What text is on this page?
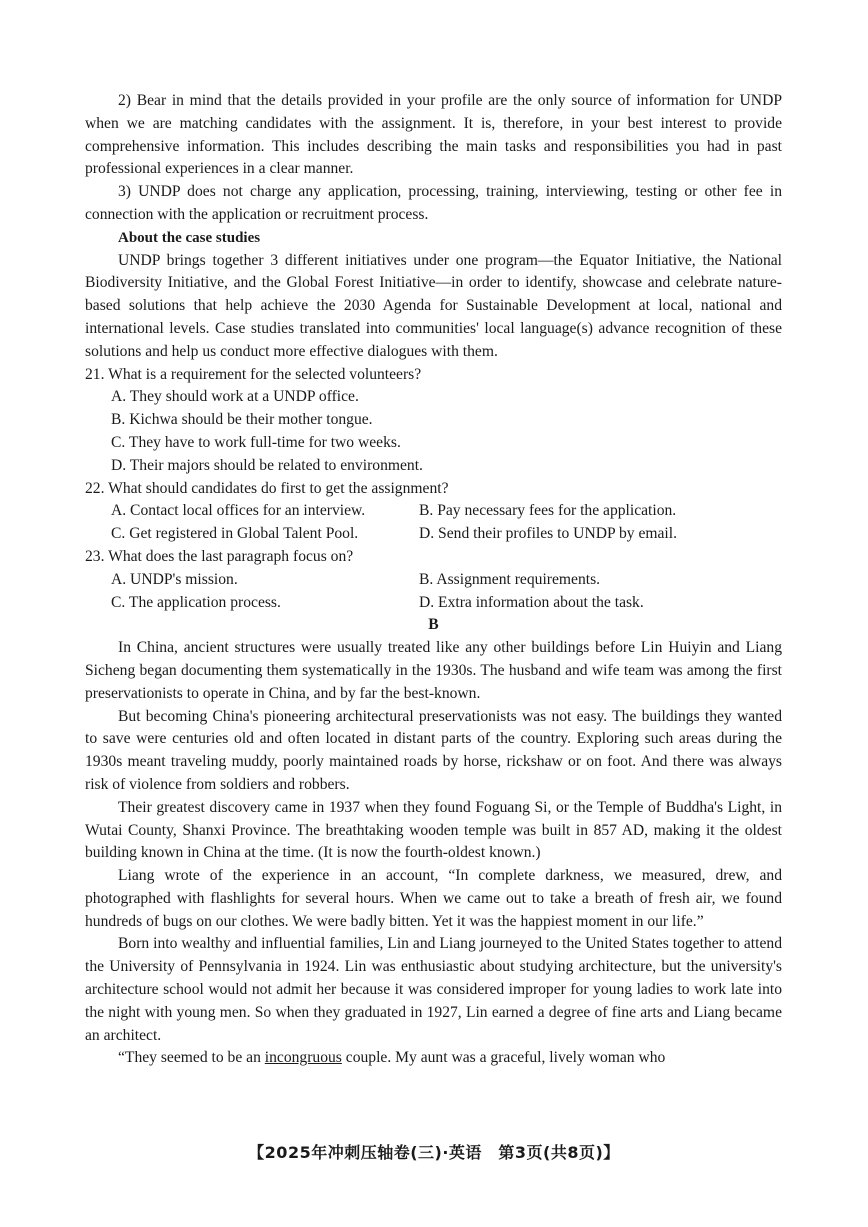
2) Bear in mind that the details provided in your profile are the only source of information for UNDP when we are matching candidates with the assignment. It is, therefore, in your best interest to provide comprehensive information. This includes describing the main tasks and responsibilities you had in past professional experiences in a clear manner.

3) UNDP does not charge any application, processing, training, interviewing, testing or other fee in connection with the application or recruitment process.

About the case studies

UNDP brings together 3 different initiatives under one program—the Equator Initiative, the National Biodiversity Initiative, and the Global Forest Initiative—in order to identify, showcase and celebrate nature-based solutions that help achieve the 2030 Agenda for Sustainable Development at local, national and international levels. Case studies translated into communities' local language(s) advance recognition of these solutions and help us conduct more effective dialogues with them.

21. What is a requirement for the selected volunteers?

A. They should work at a UNDP office.

B. Kichwa should be their mother tongue.

C. They have to work full-time for two weeks.

D. Their majors should be related to environment.

22. What should candidates do first to get the assignment?

A. Contact local offices for an interview.	B. Pay necessary fees for the application.
C. Get registered in Global Talent Pool.	D. Send their profiles to UNDP by email.

23. What does the last paragraph focus on?

A. UNDP's mission.	B. Assignment requirements.
C. The application process.	D. Extra information about the task.

B

In China, ancient structures were usually treated like any other buildings before Lin Huiyin and Liang Sicheng began documenting them systematically in the 1930s. The husband and wife team was among the first preservationists to operate in China, and by far the best-known.

But becoming China's pioneering architectural preservationists was not easy. The buildings they wanted to save were centuries old and often located in distant parts of the country. Exploring such areas during the 1930s meant traveling muddy, poorly maintained roads by horse, rickshaw or on foot. And there was always risk of violence from soldiers and robbers.

Their greatest discovery came in 1937 when they found Foguang Si, or the Temple of Buddha's Light, in Wutai County, Shanxi Province. The breathtaking wooden temple was built in 857 AD, making it the oldest building known in China at the time. (It is now the fourth-oldest known.)

Liang wrote of the experience in an account, “In complete darkness, we measured, drew, and photographed with flashlights for several hours. When we came out to take a breath of fresh air, we found hundreds of bugs on our clothes. We were badly bitten. Yet it was the happiest moment in our life.”

Born into wealthy and influential families, Lin and Liang journeyed to the United States together to attend the University of Pennsylvania in 1924. Lin was enthusiastic about studying architecture, but the university's architecture school would not admit her because it was considered improper for young ladies to work late into the night with young men. So when they graduated in 1927, Lin earned a degree of fine arts and Liang became an architect.

“They seemed to be an incongruous couple. My aunt was a graceful, lively woman who

【2025年冲刺压轴卷(三)·英语　第3页(共8页)】
